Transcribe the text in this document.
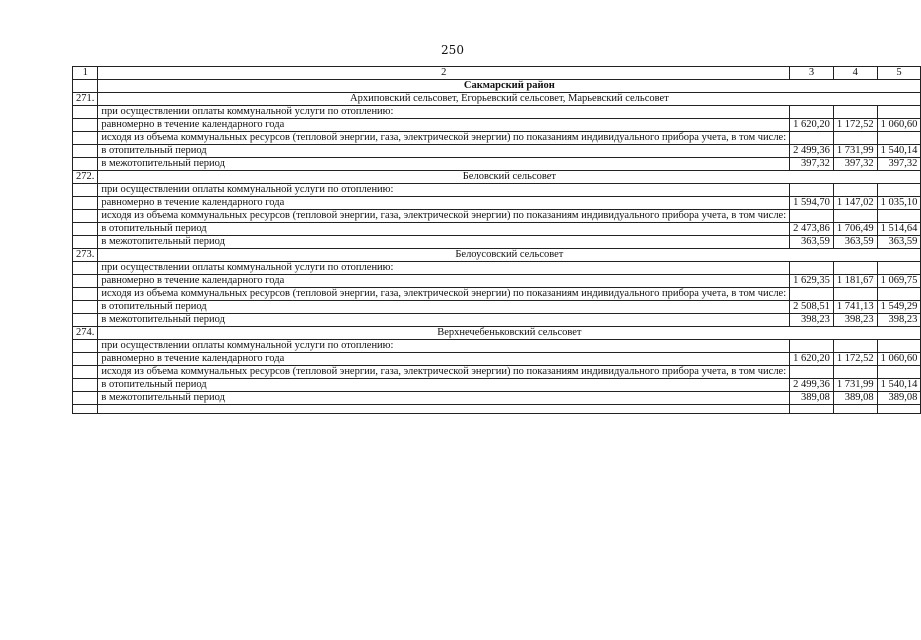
250
1	2	3	4	5
	Сакмарский район			
271.	Архиповский сельсовет, Егорьевский сельсовет, Марьевский сельсовет			
	при осуществлении оплаты коммунальной услуги по отоплению:			
	равномерно в течение календарного года	1 620,20	1 172,52	1 060,60
	исходя из объема коммунальных ресурсов (тепловой энергии, газа, электрической энергии) по показаниям индивидуального прибора учета, в том числе:			
	в отопительный период	2 499,36	1 731,99	1 540,14
	в межотопительный период	397,32	397,32	397,32
272.	Беловский сельсовет			
	при осуществлении оплаты коммунальной услуги по отоплению:			
	равномерно в течение календарного года	1 594,70	1 147,02	1 035,10
	исходя из объема коммунальных ресурсов (тепловой энергии, газа, электрической энергии) по показаниям индивидуального прибора учета, в том числе:			
	в отопительный период	2 473,86	1 706,49	1 514,64
	в межотопительный период	363,59	363,59	363,59
273.	Белоусовский сельсовет			
	при осуществлении оплаты коммунальной услуги по отоплению:			
	равномерно в течение календарного года	1 629,35	1 181,67	1 069,75
	исходя из объема коммунальных ресурсов (тепловой энергии, газа, электрической энергии) по показаниям индивидуального прибора учета, в том числе:			
	в отопительный период	2 508,51	1 741,13	1 549,29
	в межотопительный период	398,23	398,23	398,23
274.	Верхнечебеньковский сельсовет			
	при осуществлении оплаты коммунальной услуги по отоплению:			
	равномерно в течение календарного года	1 620,20	1 172,52	1 060,60
	исходя из объема коммунальных ресурсов (тепловой энергии, газа, электрической энергии) по показаниям индивидуального прибора учета, в том числе:			
	в отопительный период	2 499,36	1 731,99	1 540,14
	в межотопительный период	389,08	389,08	389,08
